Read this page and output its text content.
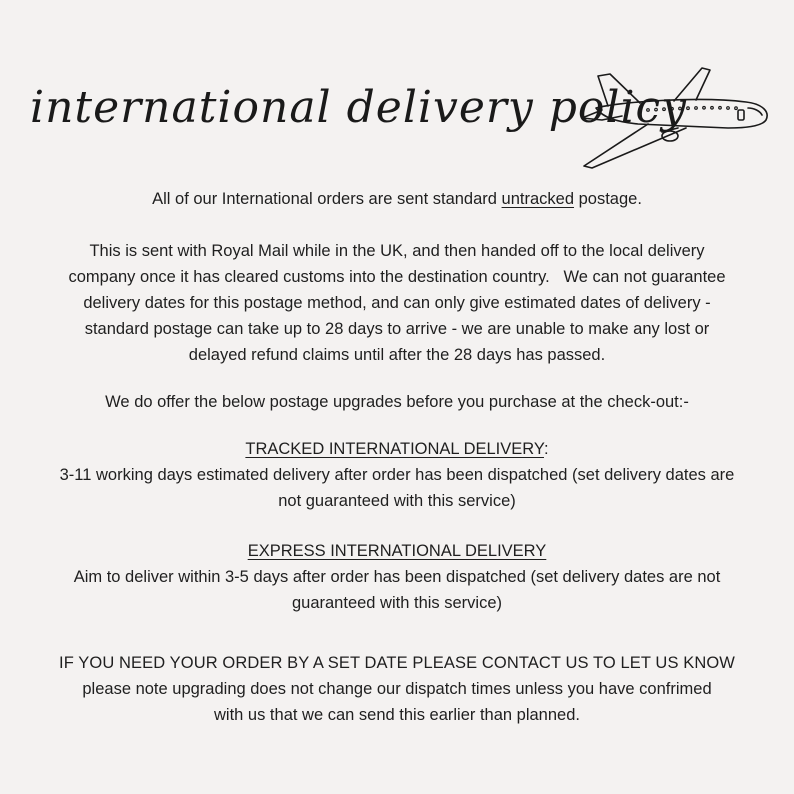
international delivery policy

All of our International orders are sent standard untracked postage.

This is sent with Royal Mail while in the UK, and then handed off to the local delivery

company once it has cleared customs into the destination country.   We can not guarantee

delivery dates for this postage method, and can only give estimated dates of delivery -

standard postage can take up to 28 days to arrive - we are unable to make any lost or

delayed refund claims until after the 28 days has passed.

We do offer the below postage upgrades before you purchase at the check-out:-

TRACKED INTERNATIONAL DELIVERY:

3-11 working days estimated delivery after order has been dispatched (set delivery dates are

not guaranteed with this service)

EXPRESS INTERNATIONAL DELIVERY

Aim to deliver within 3-5 days after order has been dispatched (set delivery dates are not

guaranteed with this service)

IF YOU NEED YOUR ORDER BY A SET DATE PLEASE CONTACT US TO LET US KNOW

please note upgrading does not change our dispatch times unless you have confrimed

with us that we can send this earlier than planned.
